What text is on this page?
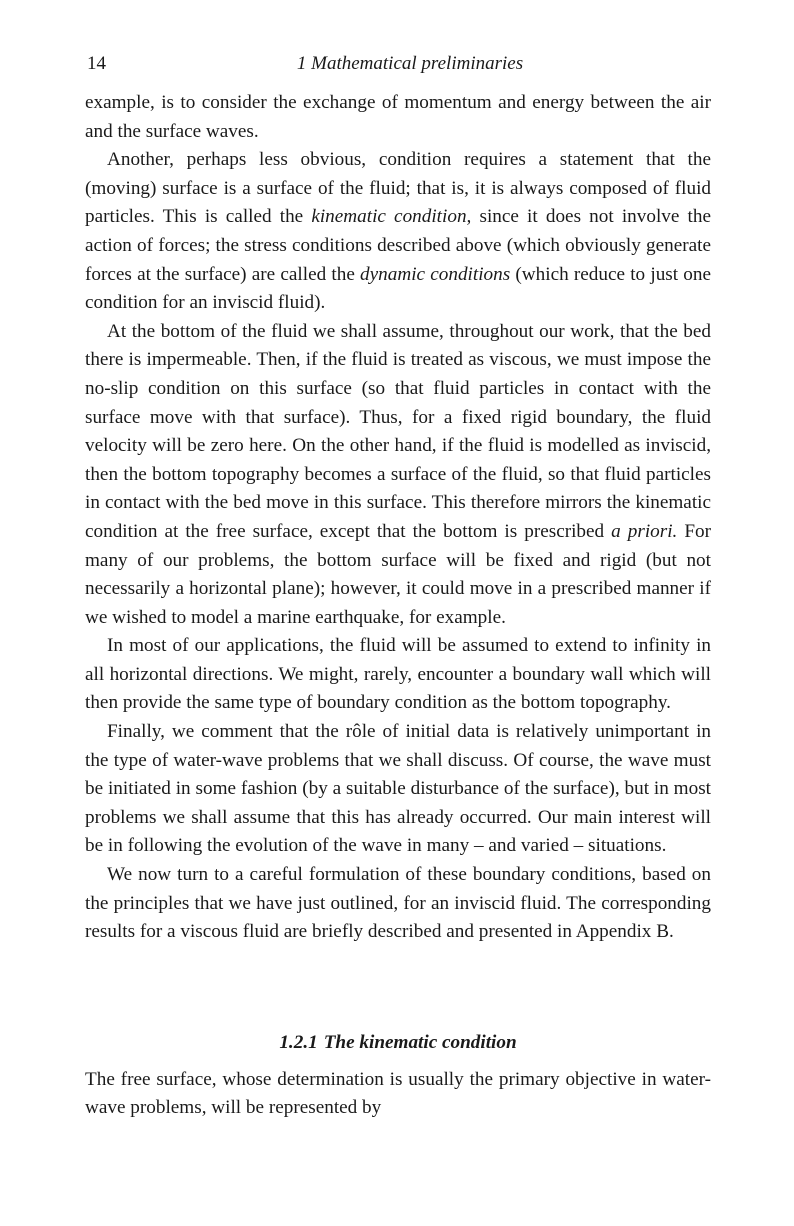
14	1 Mathematical preliminaries

example, is to consider the exchange of momentum and energy between the air and the surface waves.

Another, perhaps less obvious, condition requires a statement that the (moving) surface is a surface of the fluid; that is, it is always composed of fluid particles. This is called the kinematic condition, since it does not involve the action of forces; the stress conditions described above (which obviously generate forces at the surface) are called the dynamic conditions (which reduce to just one condition for an inviscid fluid).

At the bottom of the fluid we shall assume, throughout our work, that the bed there is impermeable. Then, if the fluid is treated as viscous, we must impose the no-slip condition on this surface (so that fluid particles in contact with the surface move with that surface). Thus, for a fixed rigid boundary, the fluid velocity will be zero here. On the other hand, if the fluid is modelled as inviscid, then the bottom topography becomes a surface of the fluid, so that fluid particles in contact with the bed move in this surface. This therefore mirrors the kinematic condition at the free surface, except that the bottom is prescribed a priori. For many of our problems, the bottom surface will be fixed and rigid (but not necessarily a horizontal plane); however, it could move in a prescribed manner if we wished to model a marine earthquake, for example.

In most of our applications, the fluid will be assumed to extend to infinity in all horizontal directions. We might, rarely, encounter a boundary wall which will then provide the same type of boundary condition as the bottom topography.

Finally, we comment that the rôle of initial data is relatively unimportant in the type of water-wave problems that we shall discuss. Of course, the wave must be initiated in some fashion (by a suitable disturbance of the surface), but in most problems we shall assume that this has already occurred. Our main interest will be in following the evolution of the wave in many – and varied – situations.

We now turn to a careful formulation of these boundary conditions, based on the principles that we have just outlined, for an inviscid fluid. The corresponding results for a viscous fluid are briefly described and presented in Appendix B.

1.2.1 The kinematic condition

The free surface, whose determination is usually the primary objective in water-wave problems, will be represented by
